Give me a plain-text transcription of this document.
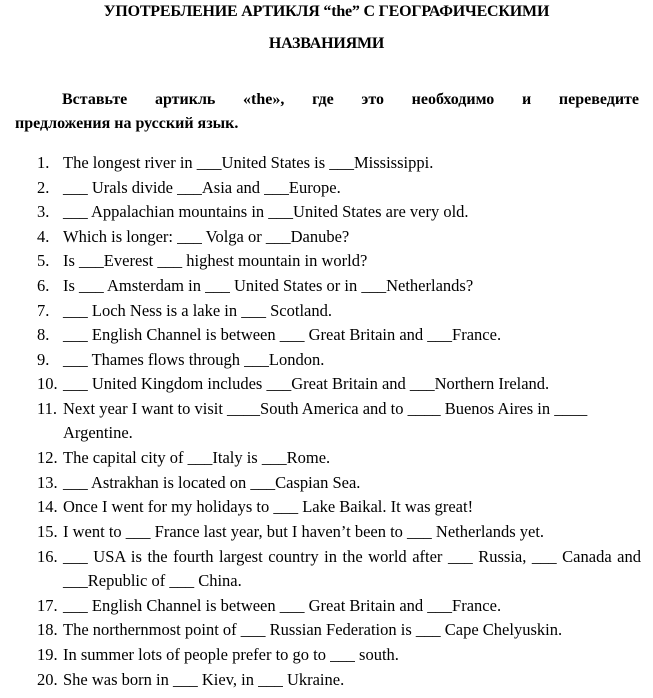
УПОТРЕБЛЕНИЕ АРТИКЛЯ “the” С ГЕОГРАФИЧЕСКИМИ
НАЗВАНИЯМИ
Вставьте артикль «the», где это необходимо и переведите
предложения на русский язык.
1. The longest river in ___United States is ___Mississippi.
2. ___ Urals divide ___Asia and ___Europe.
3. ___ Appalachian mountains in ___United States are very old.
4. Which is longer: ___ Volga or ___Danube?
5. Is ___Everest ___ highest mountain in world?
6. Is ___ Amsterdam in ___ United States or in ___Netherlands?
7. ___ Loch Ness is a lake in ___ Scotland.
8. ___ English Channel is between ___ Great Britain and ___France.
9. ___ Thames flows through ___London.
10. ___ United Kingdom includes ___Great Britain and ___Northern Ireland.
11. Next year I want to visit ____South America and to ____ Buenos Aires in ____ Argentine.
12. The capital city of ___Italy is ___Rome.
13. ___ Astrakhan is located on ___Caspian Sea.
14. Once I went for my holidays to ___ Lake Baikal. It was great!
15. I went to ___ France last year, but I haven’t been to ___ Netherlands yet.
16. ___ USA is the fourth largest country in the world after ___ Russia, ___ Canada and ___Republic of ___ China.
17. ___ English Channel is between ___ Great Britain and ___France.
18. The northernmost point of ___ Russian Federation is ___ Cape Chelyuskin.
19. In summer lots of people prefer to go to ___ south.
20. She was born in ___ Kiev, in ___ Ukraine.
